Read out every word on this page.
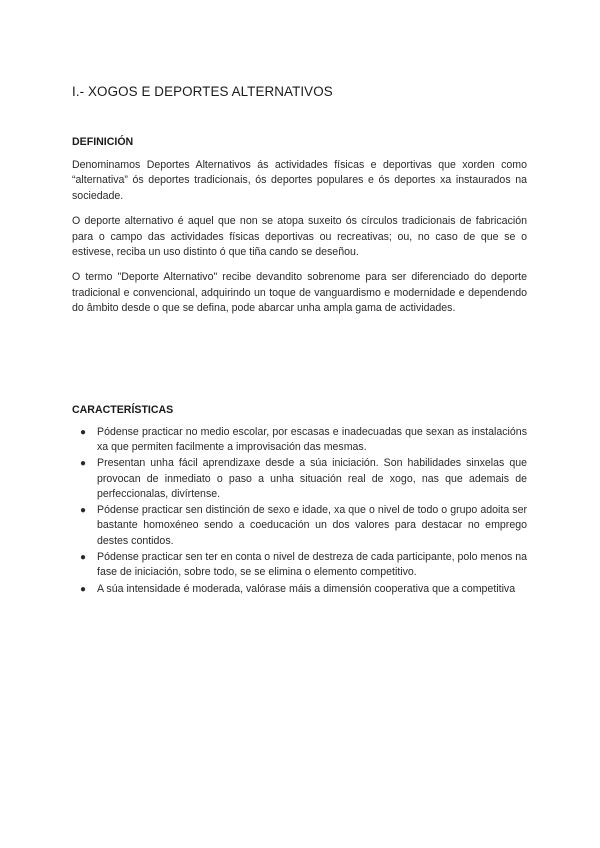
I.- XOGOS E DEPORTES ALTERNATIVOS
DEFINICIÓN

Denominamos Deportes Alternativos ás actividades físicas e deportivas que xorden como “alternativa” ós deportes tradicionais, ós deportes populares e ós deportes xa instaurados na sociedade.

O deporte alternativo é aquel que non se atopa suxeito ós círculos tradicionais de fabricación para o campo das actividades físicas deportivas ou recreativas; ou, no caso de que se o estivese, reciba un uso distinto ó que tiña cando se deseñou.

O termo "Deporte Alternativo" recibe devandito sobrenome para ser diferenciado do deporte tradicional e convencional, adquirindo un toque de vanguardismo e modernidade e dependendo do âmbito desde o que se defina, pode abarcar unha ampla gama de actividades.

CARACTERÍSTICAS
● Pódense practicar no medio escolar, por escasas e inadecuadas que sexan as instalacións xa que permiten facilmente a improvisación das mesmas.
● Presentan unha fácil aprendizaxe desde a súa iniciación. Son habilidades sinxelas que provocan de inmediato o paso a unha situación real de xogo, nas que ademais de perfeccionalas, divírtense.
● Pódense practicar sen distinción de sexo e idade, xa que o nivel de todo o grupo adoita ser bastante homoxéneo sendo a coeducación un dos valores para destacar no emprego destes contidos.
● Pódense practicar sen ter en conta o nivel de destreza de cada participante, polo menos na fase de iniciación, sobre todo, se se elimina o elemento competitivo.
● A súa intensidade é moderada, valórase máis a dimensión cooperativa que a competitiva
